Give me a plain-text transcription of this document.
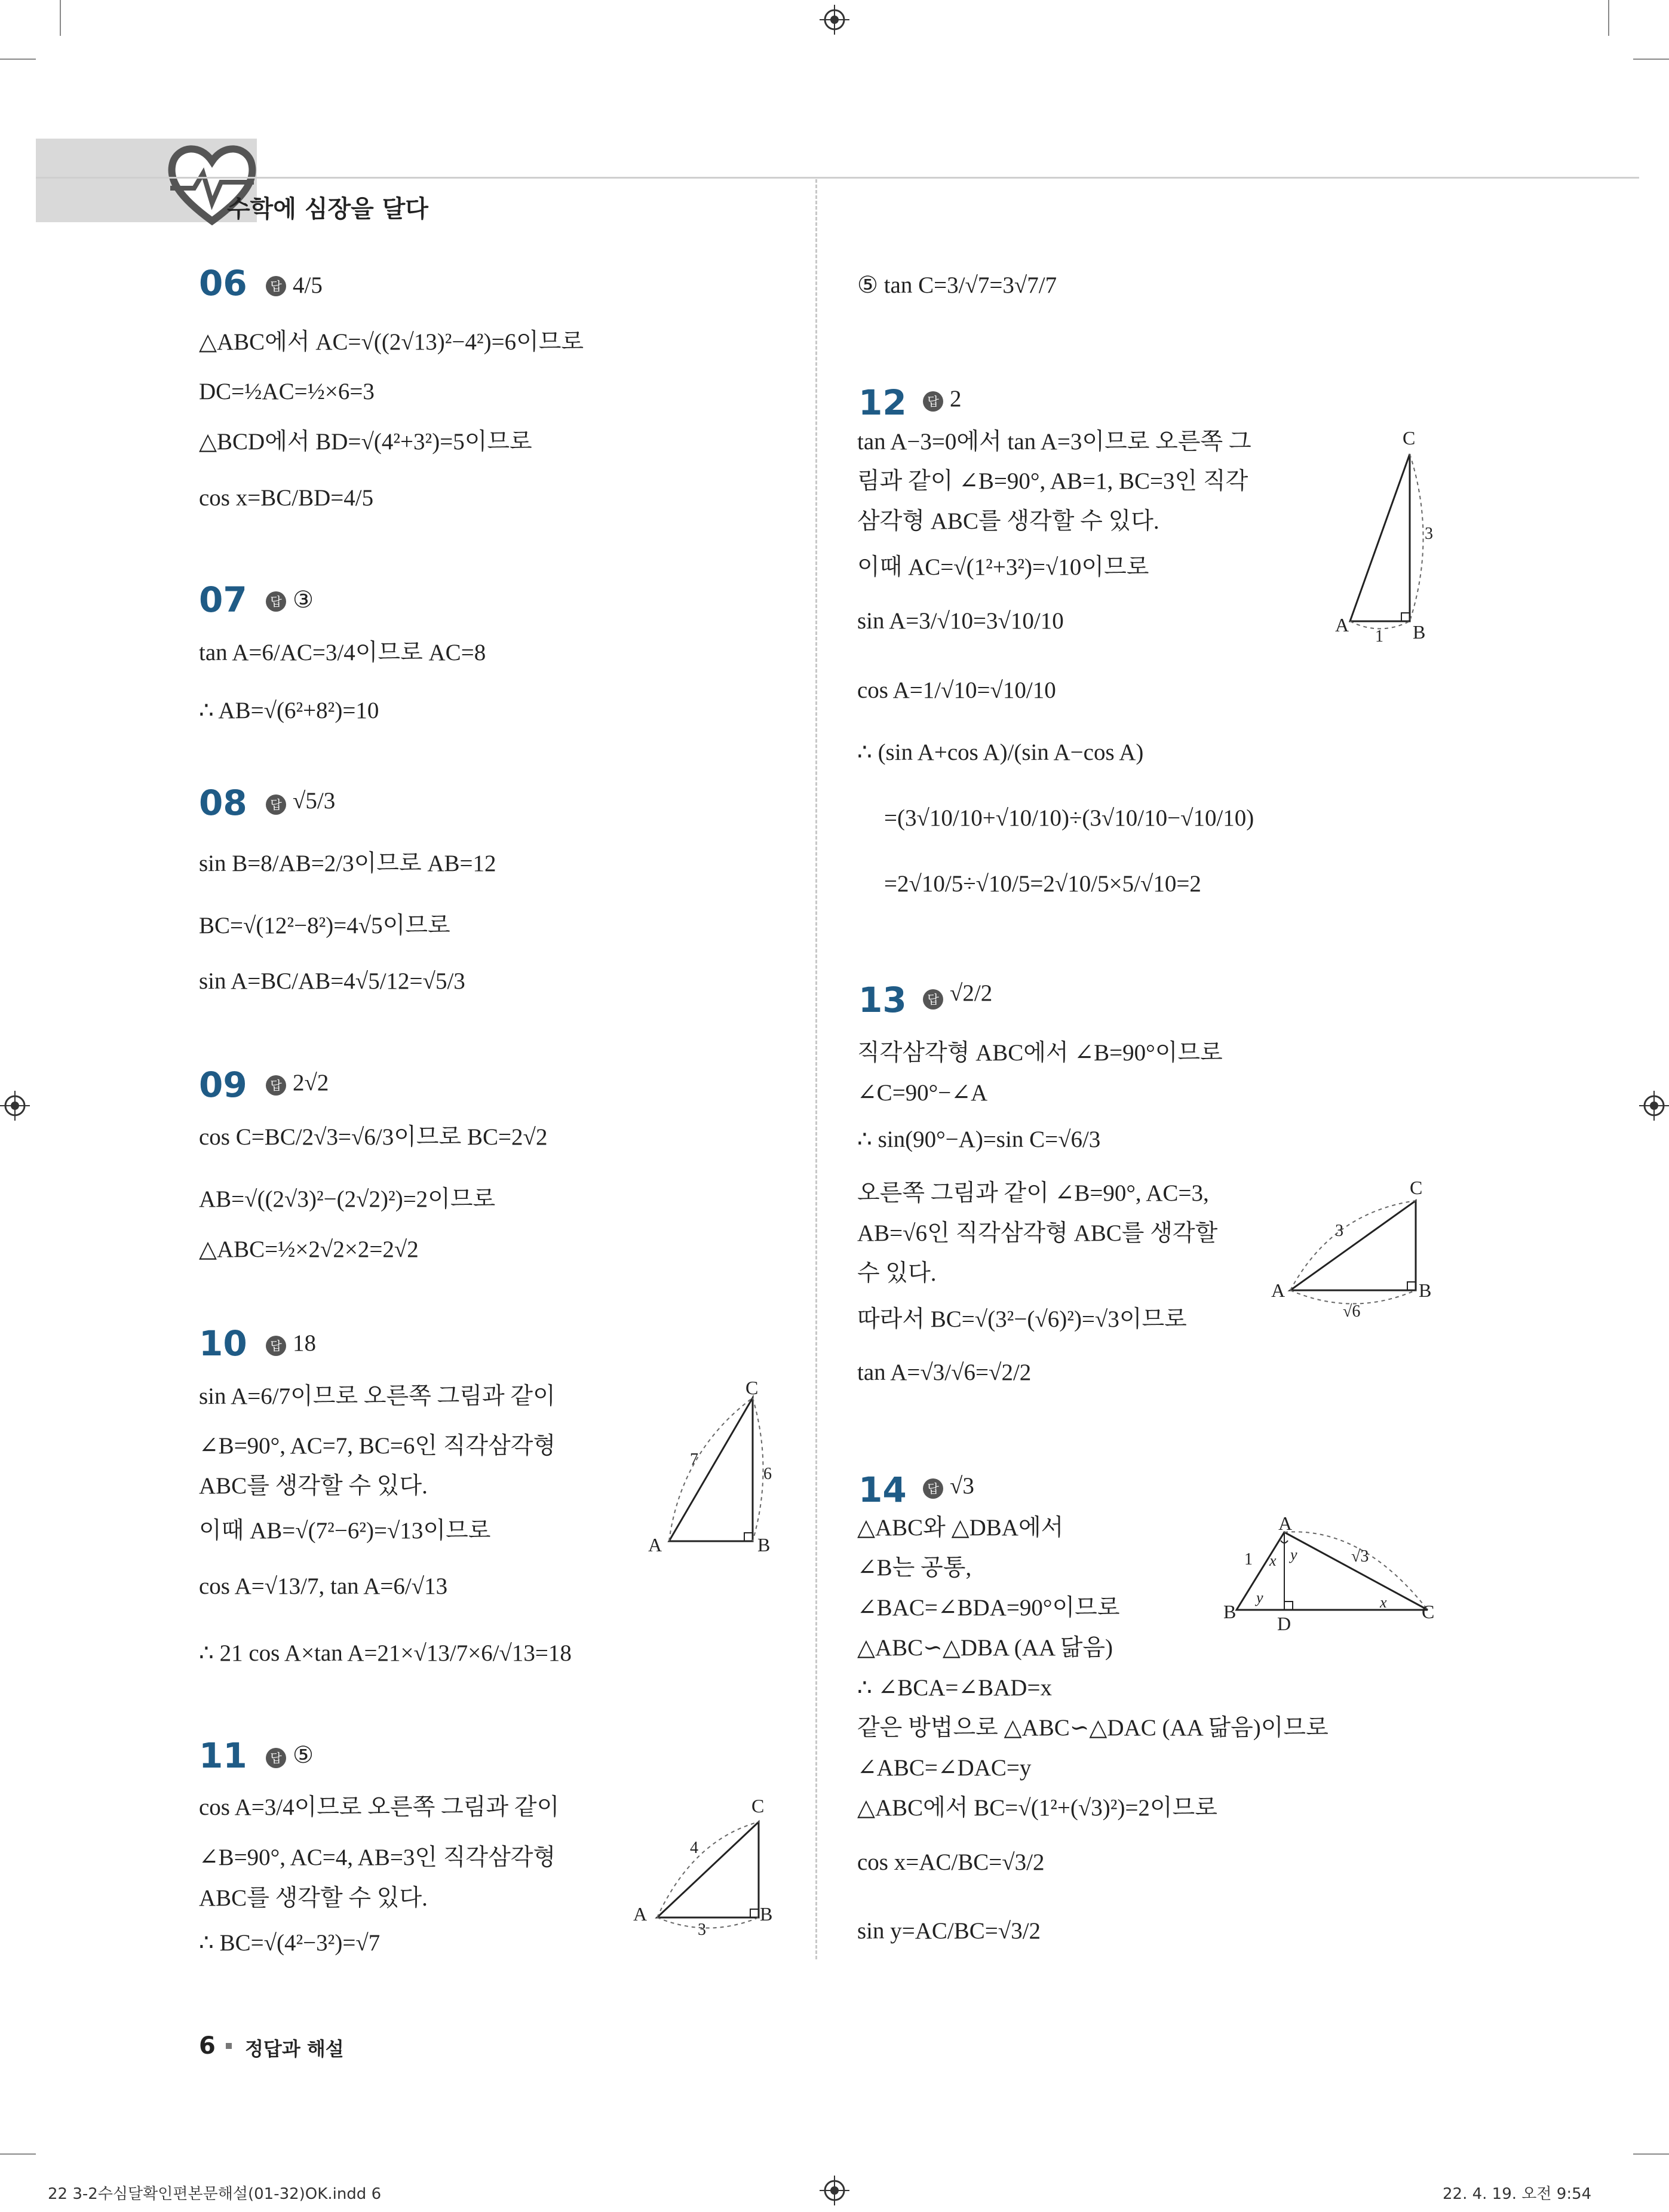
수학에 심장을 달다
06	답 4/5
△ABC에서 AC=√((2√13)²−4²)=6이므로
DC=½AC=½×6=3
△BCD에서 BD=√(4²+3²)=5이므로
cos x=BC/BD=4/5
07	답 ③
tan A=6/AC=3/4이므로 AC=8
∴ AB=√(6²+8²)=10
08	답 √5/3
sin B=8/AB=2/3이므로 AB=12
BC=√(12²−8²)=4√5이므로
sin A=BC/AB=4√5/12=√5/3
09	답 2√2
cos C=BC/2√3=√6/3이므로 BC=2√2
AB=√((2√3)²−(2√2)²)=2이므로
△ABC=½×2√2×2=2√2
10	답 18
sin A=6/7이므로 오른쪽 그림과 같이
∠B=90°, AC=7, BC=6인 직각삼각형
ABC를 생각할 수 있다.
이때 AB=√(7²−6²)=√13이므로
cos A=√13/7, tan A=6/√13
∴ 21 cos A×tan A=21×√13/7×6/√13=18
A	B
C
7
6
11	답 ⑤
cos A=3/4이므로 오른쪽 그림과 같이
∠B=90°, AC=4, AB=3인 직각삼각형
ABC를 생각할 수 있다.
∴ BC=√(4²−3²)=√7
A	B
C
4
3
⑤ tan C=3/√7=3√7/7
12	답 2
tan A−3=0에서 tan A=3이므로 오른쪽 그
림과 같이 ∠B=90°, AB=1, BC=3인 직각
삼각형 ABC를 생각할 수 있다.
이때 AC=√(1²+3²)=√10이므로
sin A=3/√10=3√10/10
cos A=1/√10=√10/10
∴ (sin A+cos A)/(sin A−cos A)
=(3√10/10+√10/10)÷(3√10/10−√10/10)
=2√10/5÷√10/5=2√10/5×5/√10=2
A	B
C
3
1
13	답 √2/2
직각삼각형 ABC에서 ∠B=90°이므로
∠C=90°−∠A
∴ sin(90°−A)=sin C=√6/3
오른쪽 그림과 같이 ∠B=90°, AC=3,
AB=√6인 직각삼각형 ABC를 생각할
수 있다.
따라서 BC=√(3²−(√6)²)=√3이므로
tan A=√3/√6=√2/2
A	B
C
3
√6
14	답 √3
△ABC와 △DBA에서
∠B는 공통,
∠BAC=∠BDA=90°이므로
△ABC∽△DBA (AA 닮음)
∴ ∠BCA=∠BAD=x
같은 방법으로 △ABC∽△DAC (AA 닮음)이므로
∠ABC=∠DAC=y
△ABC에서 BC=√(1²+(√3)²)=2이므로
cos x=AC/BC=√3/2
sin y=AC/BC=√3/2
A
B	C
D
1	√3
x y
y	x
6 정답과 해설
22 3-2수심달확인편본문해설(01-32)OK.indd 6	22. 4. 19. 오전 9:54
